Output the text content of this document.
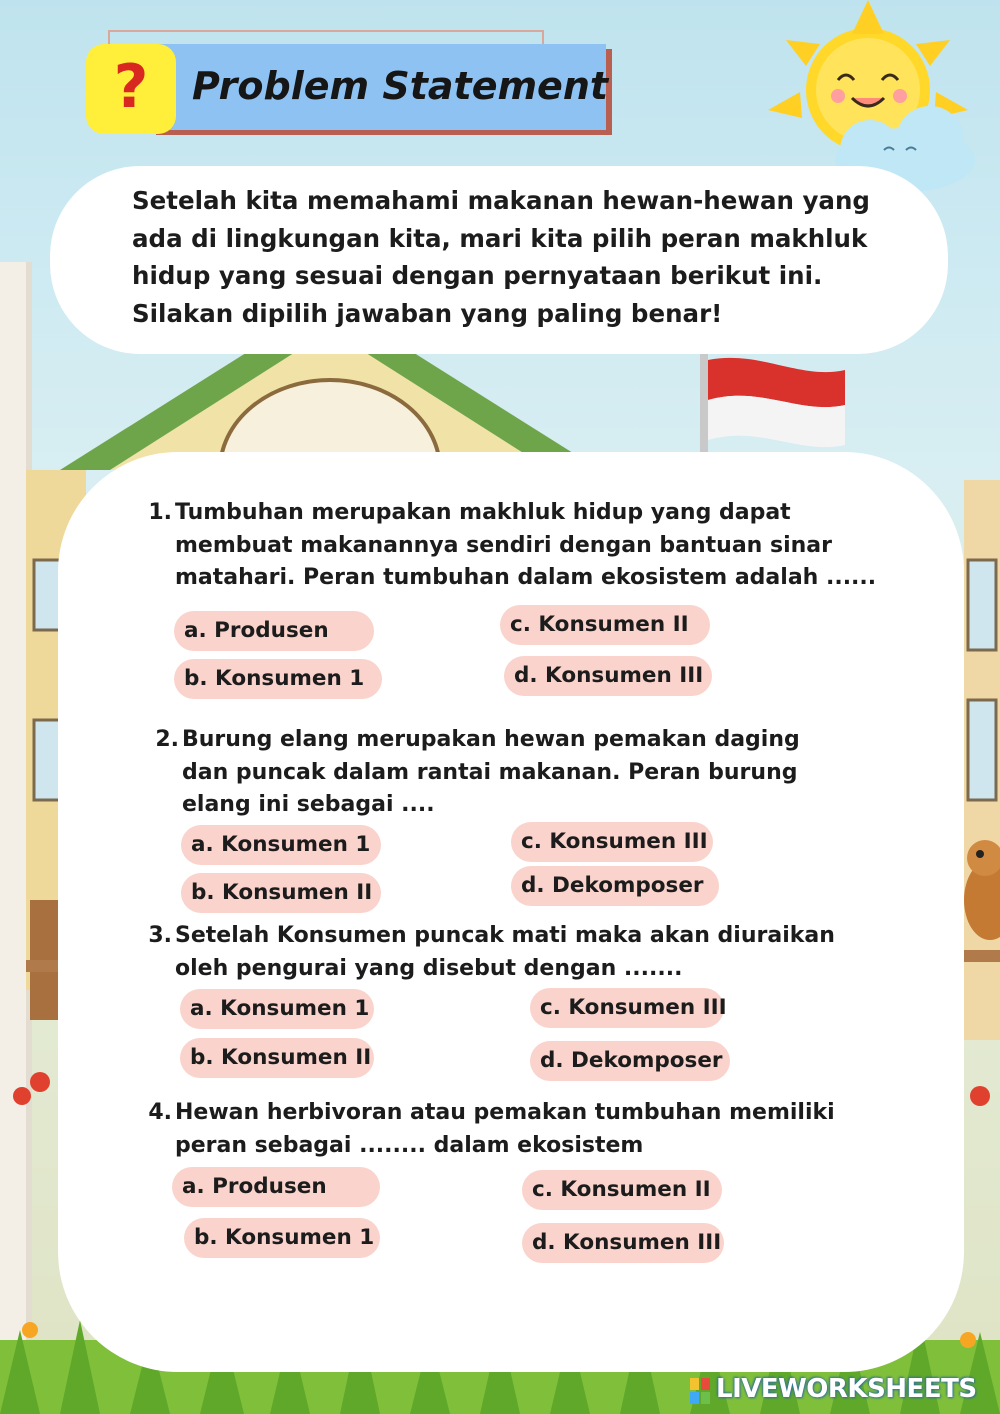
Problem Statement
?
Setelah kita memahami makanan hewan-hewan yang ada di lingkungan kita, mari kita pilih peran makhluk hidup yang sesuai dengan pernyataan berikut ini. Silakan dipilih jawaban yang paling benar!
1. Tumbuhan merupakan makhluk hidup yang dapat membuat makanannya sendiri dengan bantuan sinar matahari. Peran tumbuhan dalam ekosistem adalah ......
a. Produsen
b. Konsumen 1
c. Konsumen II
d. Konsumen III
2. Burung elang merupakan hewan pemakan daging dan puncak dalam rantai makanan. Peran burung elang ini sebagai ....
a. Konsumen 1
b. Konsumen II
c. Konsumen III
d. Dekomposer
3. Setelah Konsumen puncak mati maka akan diuraikan oleh pengurai yang disebut dengan .......
a. Konsumen 1
b. Konsumen II
c. Konsumen III
d. Dekomposer
4. Hewan herbivoran atau pemakan tumbuhan memiliki peran sebagai ........ dalam ekosistem
a. Produsen
b. Konsumen 1
c. Konsumen II
d. Konsumen III
LIVEWORKSHEETS
